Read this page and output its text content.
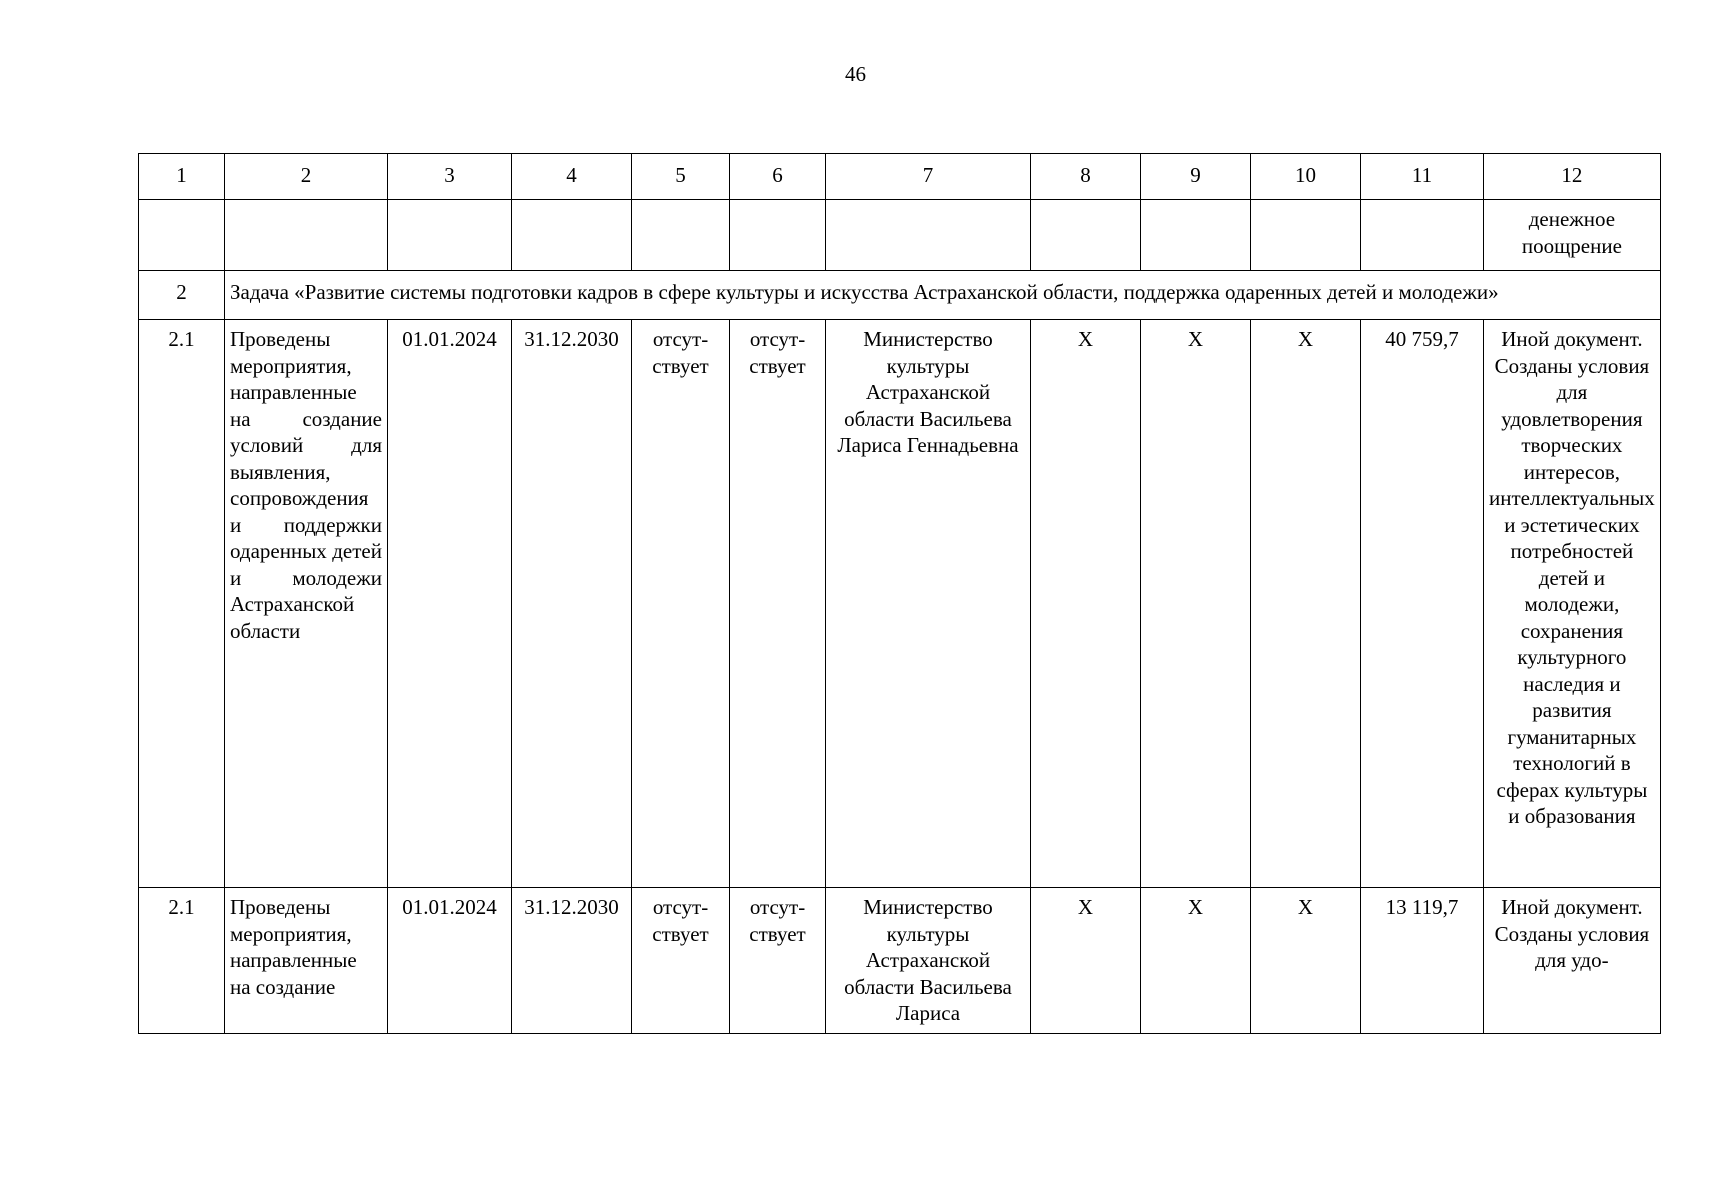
46
1	2	3	4	5	6	7	8	9	10	11	12
											денежное поощрение
2	Задача «Развитие системы подготовки кадров в сфере культуры и искусства Астраханской области, поддержка одаренных детей и молодежи»										
2.1	Проведены мероприятия, направленные на создание условий для выявления, сопровождения и поддержки одаренных детей и молодежи Астраханской области	01.01.2024	31.12.2030	отсут-ствует	отсут-ствует	Министерство культуры Астраханской области Васильева Лариса Геннадьевна	X	X	X	40 759,7	Иной документ. Созданы условия для удовлетворения творческих интересов, интеллектуальных и эстетических потребностей детей и молодежи, сохранения культурного наследия и развития гуманитарных технологий в сферах культуры и образования
2.1	Проведены мероприятия, направленные на создание	01.01.2024	31.12.2030	отсут-ствует	отсут-ствует	Министерство культуры Астраханской области Васильева Лариса	X	X	X	13 119,7	Иной документ. Созданы условия для удо-
